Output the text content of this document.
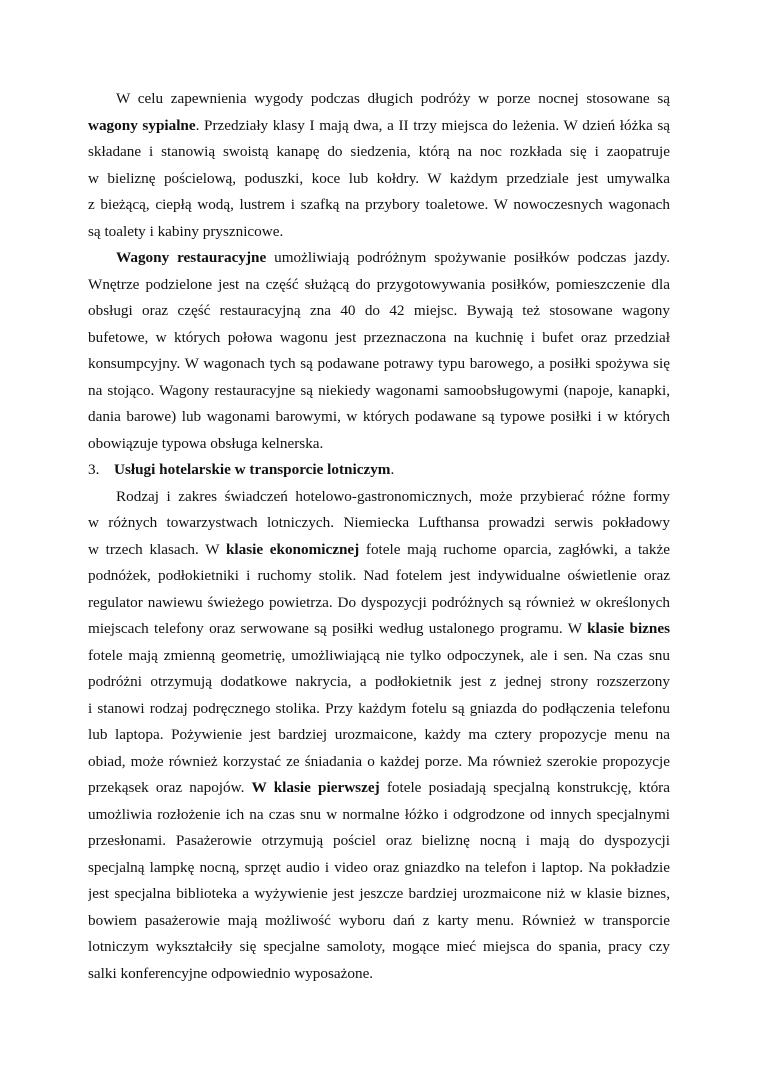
W celu zapewnienia wygody podczas długich podróży w porze nocnej stosowane są
wagony sypialne. Przedziały klasy I mają dwa, a II trzy miejsca do leżenia. W dzień łóżka są
składane i stanowią swoistą kanapę do siedzenia, którą na noc rozkłada się i zaopatruje
w bieliznę pościelową, poduszki, koce lub kołdry. W każdym przedziale jest umywalka
z bieżącą, ciepłą wodą, lustrem i szafką na przybory toaletowe. W nowoczesnych wagonach
są toalety i kabiny prysznicowe.
Wagony restauracyjne umożliwiają podróżnym spożywanie posiłków podczas jazdy.
Wnętrze podzielone jest na część służącą do przygotowywania posiłków, pomieszczenie dla
obsługi oraz część restauracyjną zna 40 do 42 miejsc. Bywają też stosowane wagony
bufetowe, w których połowa wagonu jest przeznaczona na kuchnię i bufet oraz przedział
konsumpcyjny. W wagonach tych są podawane potrawy typu barowego, a posiłki spożywa się
na stojąco. Wagony restauracyjne są niekiedy wagonami samoobsługowymi (napoje, kanapki,
dania barowe) lub wagonami barowymi, w których podawane są typowe posiłki i w których
obowiązuje typowa obsługa kelnerska.
3. Usługi hotelarskie w transporcie lotniczym.
Rodzaj i zakres świadczeń hotelowo-gastronomicznych, może przybierać różne formy
w różnych towarzystwach lotniczych. Niemiecka Lufthansa prowadzi serwis pokładowy
w trzech klasach. W klasie ekonomicznej fotele mają ruchome oparcia, zagłówki, a także
podnóżek, podłokietniki i ruchomy stolik. Nad fotelem jest indywidualne oświetlenie oraz
regulator nawiewu świeżego powietrza. Do dyspozycji podróżnych są również w określonych
miejscach telefony oraz serwowane są posiłki według ustalonego programu. W klasie biznes
fotele mają zmienną geometrię, umożliwiającą nie tylko odpoczynek, ale i sen. Na czas snu
podróżni otrzymują dodatkowe nakrycia, a podłokietnik jest z jednej strony rozszerzony
i stanowi rodzaj podręcznego stolika. Przy każdym fotelu są gniazda do podłączenia telefonu
lub laptopa. Pożywienie jest bardziej urozmaicone, każdy ma cztery propozycje menu na
obiad, może również korzystać ze śniadania o każdej porze. Ma również szerokie propozycje
przekąsek oraz napojów. W klasie pierwszej fotele posiadają specjalną konstrukcję, która
umożliwia rozłożenie ich na czas snu w normalne łóżko i odgrodzone od innych specjalnymi
przesłonami. Pasażerowie otrzymują pościel oraz bieliznę nocną i mają do dyspozycji
specjalną lampkę nocną, sprzęt audio i video oraz gniazdko na telefon i laptop. Na pokładzie
jest specjalna biblioteka a wyżywienie jest jeszcze bardziej urozmaicone niż w klasie biznes,
bowiem pasażerowie mają możliwość wyboru dań z karty menu. Również w transporcie
lotniczym wykształciły się specjalne samoloty, mogące mieć miejsca do spania, pracy czy
salki konferencyjne odpowiednio wyposażone.
